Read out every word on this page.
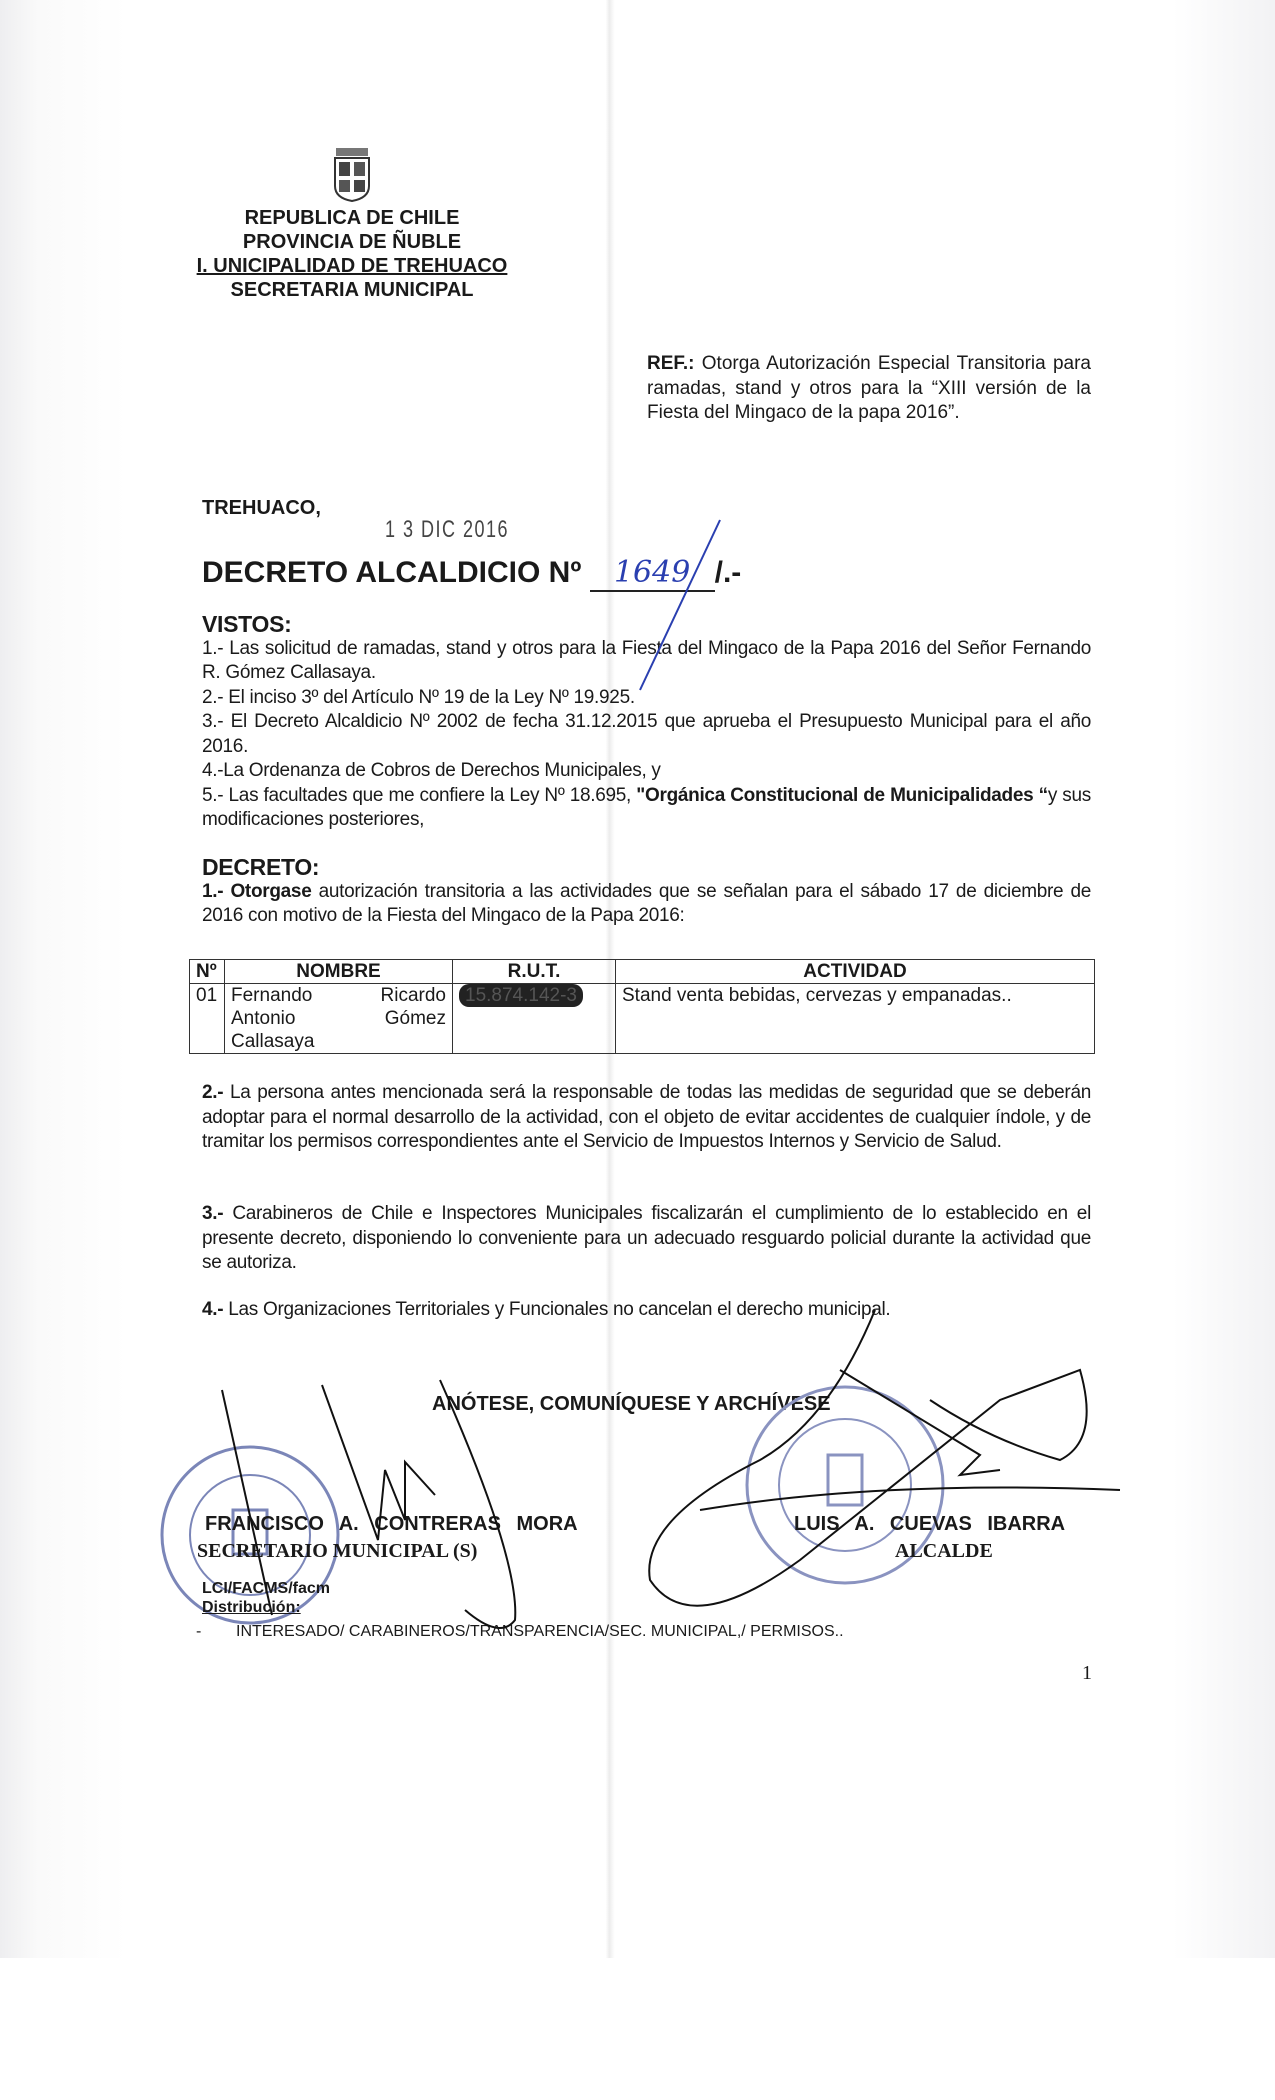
REPUBLICA DE CHILE
PROVINCIA DE ÑUBLE
I. UNICIPALIDAD DE TREHUACO
SECRETARIA MUNICIPAL
REF.: Otorga Autorización Especial Transitoria para ramadas, stand y otros para la “XIII versión de la Fiesta del Mingaco de la papa 2016”.
TREHUACO,
1 3 DIC 2016
DECRETO ALCALDICIO Nº 1649 /.-
VISTOS:

1.- Las solicitud de ramadas, stand y otros para la Fiesta del Mingaco de la Papa 2016 del Señor Fernando R. Gómez Callasaya.

2.- El inciso 3º del Artículo Nº 19 de la Ley Nº 19.925.

3.- El Decreto Alcaldicio Nº 2002 de fecha 31.12.2015 que aprueba el Presupuesto Municipal para el año 2016.

4.-La Ordenanza de Cobros de Derechos Municipales, y

5.- Las facultades que me confiere la Ley Nº 18.695, "Orgánica Constitucional de Municipalidades “y sus modificaciones posteriores,

DECRETO:

1.- Otorgase autorización transitoria a las actividades que se señalan para el sábado 17 de diciembre de 2016 con motivo de la Fiesta del Mingaco de la Papa 2016:

Nº	NOMBRE	R.U.T.	ACTIVIDAD
01	Fernando Ricardo Antonio Gómez Callasaya	15.874.142-3	Stand venta bebidas, cervezas y empanadas..
2.- La persona antes mencionada será la responsable de todas las medidas de seguridad que se deberán adoptar para el normal desarrollo de la actividad, con el objeto de evitar accidentes de cualquier índole, y de tramitar los permisos correspondientes ante el Servicio de Impuestos Internos y Servicio de Salud.
3.- Carabineros de Chile e Inspectores Municipales fiscalizarán el cumplimiento de lo establecido en el presente decreto, disponiendo lo conveniente para un adecuado resguardo policial durante la actividad que se autoriza.
4.- Las Organizaciones Territoriales y Funcionales no cancelan el derecho municipal.
ANÓTESE, COMUNÍQUESE Y ARCHÍVESE
FRANCISCO A. CONTRERAS MORA
SECRETARIO MUNICIPAL (S)
LUIS A. CUEVAS IBARRA
ALCALDE
LCI/FACMS/facm
Distribución:
- INTERESADO/ CARABINEROS/TRANSPARENCIA/SEC. MUNICIPAL,/ PERMISOS..
1
